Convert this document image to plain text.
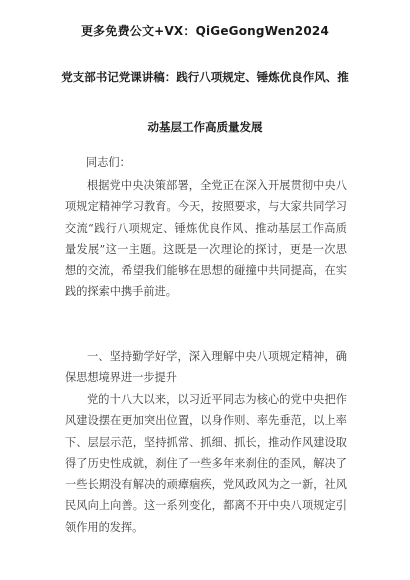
更多免费公文+VX：QiGeGongWen2024
党支部书记党课讲稿：践行八项规定、锤炼优良作风、推
动基层工作高质量发展
同志们：

根据党中央决策部署，全党正在深入开展贯彻中央八项规定精神学习教育。今天，按照要求，与大家共同学习交流“践行八项规定、锤炼优良作风、推动基层工作高质量发展”这一主题。这既是一次理论的探讨，更是一次思想的交流，希望我们能够在思想的碰撞中共同提高，在实践的探索中携手前进。

一、坚持勤学好学，深入理解中央八项规定精神，确保思想境界进一步提升

党的十八大以来，以习近平同志为核心的党中央把作风建设摆在更加突出位置，以身作则、率先垂范，以上率下、层层示范，坚持抓常、抓细、抓长，推动作风建设取得了历史性成就，刹住了一些多年来刹住的歪风，解决了一些长期没有解决的顽瘴痼疾，党风政风为之一新，社风民风向上向善。这一系列变化，都离不开中央八项规定引领作用的发挥。
